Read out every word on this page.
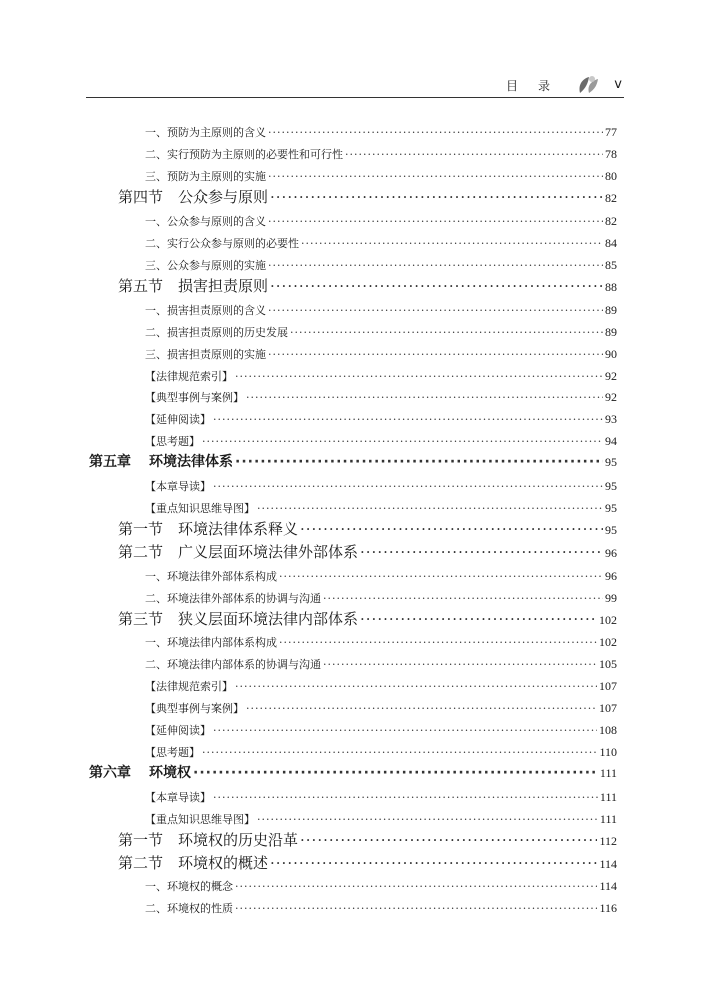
目录	v
一、预防为主原则的含义 ·····	77
二、实行预防为主原则的必要性和可行性 ·····	78
三、预防为主原则的实施 ·····	80
第四节 公众参与原则 ·····	82
一、公众参与原则的含义 ·····	82
二、实行公众参与原则的必要性 ·····	84
三、公众参与原则的实施 ·····	85
第五节 损害担责原则 ·····	88
一、损害担责原则的含义 ·····	89
二、损害担责原则的历史发展 ·····	89
三、损害担责原则的实施 ·····	90
【法律规范索引】 ·····	92
【典型事例与案例】 ·····	92
【延伸阅读】 ·····	93
【思考题】 ·····	94
第五章 环境法律体系 ·····	95
【本章导读】 ·····	95
【重点知识思维导图】 ·····	95
第一节 环境法律体系释义 ·····	95
第二节 广义层面环境法律外部体系 ·····	96
一、环境法律外部体系构成 ·····	96
二、环境法律外部体系的协调与沟通 ·····	99
第三节 狭义层面环境法律内部体系 ·····	102
一、环境法律内部体系构成 ·····	102
二、环境法律内部体系的协调与沟通 ·····	105
【法律规范索引】 ·····	107
【典型事例与案例】 ·····	107
【延伸阅读】 ·····	108
【思考题】 ·····	110
第六章 环境权 ·····	111
【本章导读】 ·····	111
【重点知识思维导图】 ·····	111
第一节 环境权的历史沿革 ·····	112
第二节 环境权的概述 ·····	114
一、环境权的概念 ·····	114
二、环境权的性质 ·····	116
